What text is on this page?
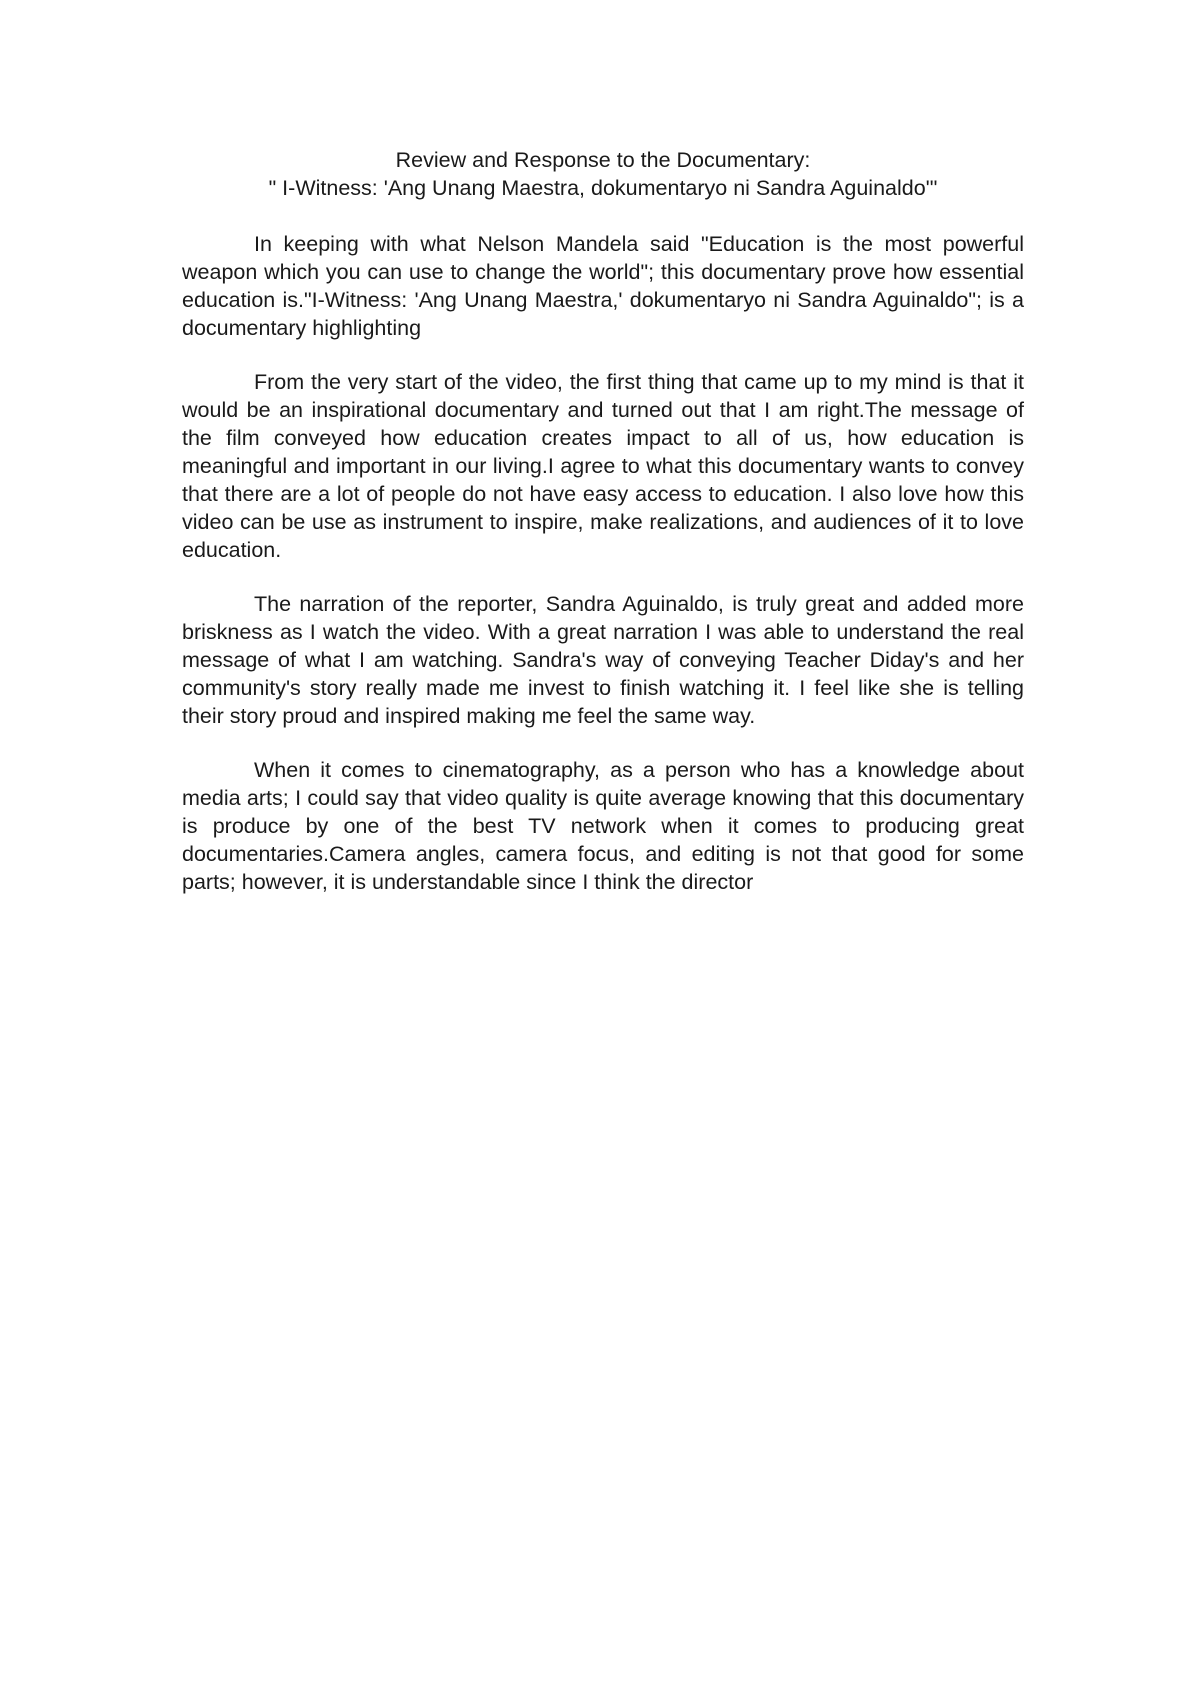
Review and Response to the Documentary:
" I-Witness: 'Ang Unang Maestra, dokumentaryo ni Sandra Aguinaldo'"

In keeping with what Nelson Mandela said "Education is the most powerful weapon which you can use to change the world"; this documentary prove how essential education is."I-Witness: 'Ang Unang Maestra,' dokumentaryo ni Sandra Aguinaldo"; is a documentary highlighting

From the very start of the video, the first thing that came up to my mind is that it would be an inspirational documentary and turned out that I am right.The message of the film conveyed how education creates impact to all of us, how education is meaningful and important in our living.I agree to what this documentary wants to convey that there are a lot of people do not have easy access to education. I also love how this video can be use as instrument to inspire, make realizations, and audiences of it to love education.

The narration of the reporter, Sandra Aguinaldo, is truly great and added more briskness as I watch the video. With a great narration I was able to understand the real message of what I am watching. Sandra's way of conveying Teacher Diday's and her community's story really made me invest to finish watching it. I feel like she is telling their story proud and inspired making me feel the same way.

When it comes to cinematography, as a person who has a knowledge about media arts; I could say that video quality is quite average knowing that this documentary is produce by one of the best TV network when it comes to producing great documentaries.Camera angles, camera focus, and editing is not that good for some parts; however, it is understandable since I think the director
